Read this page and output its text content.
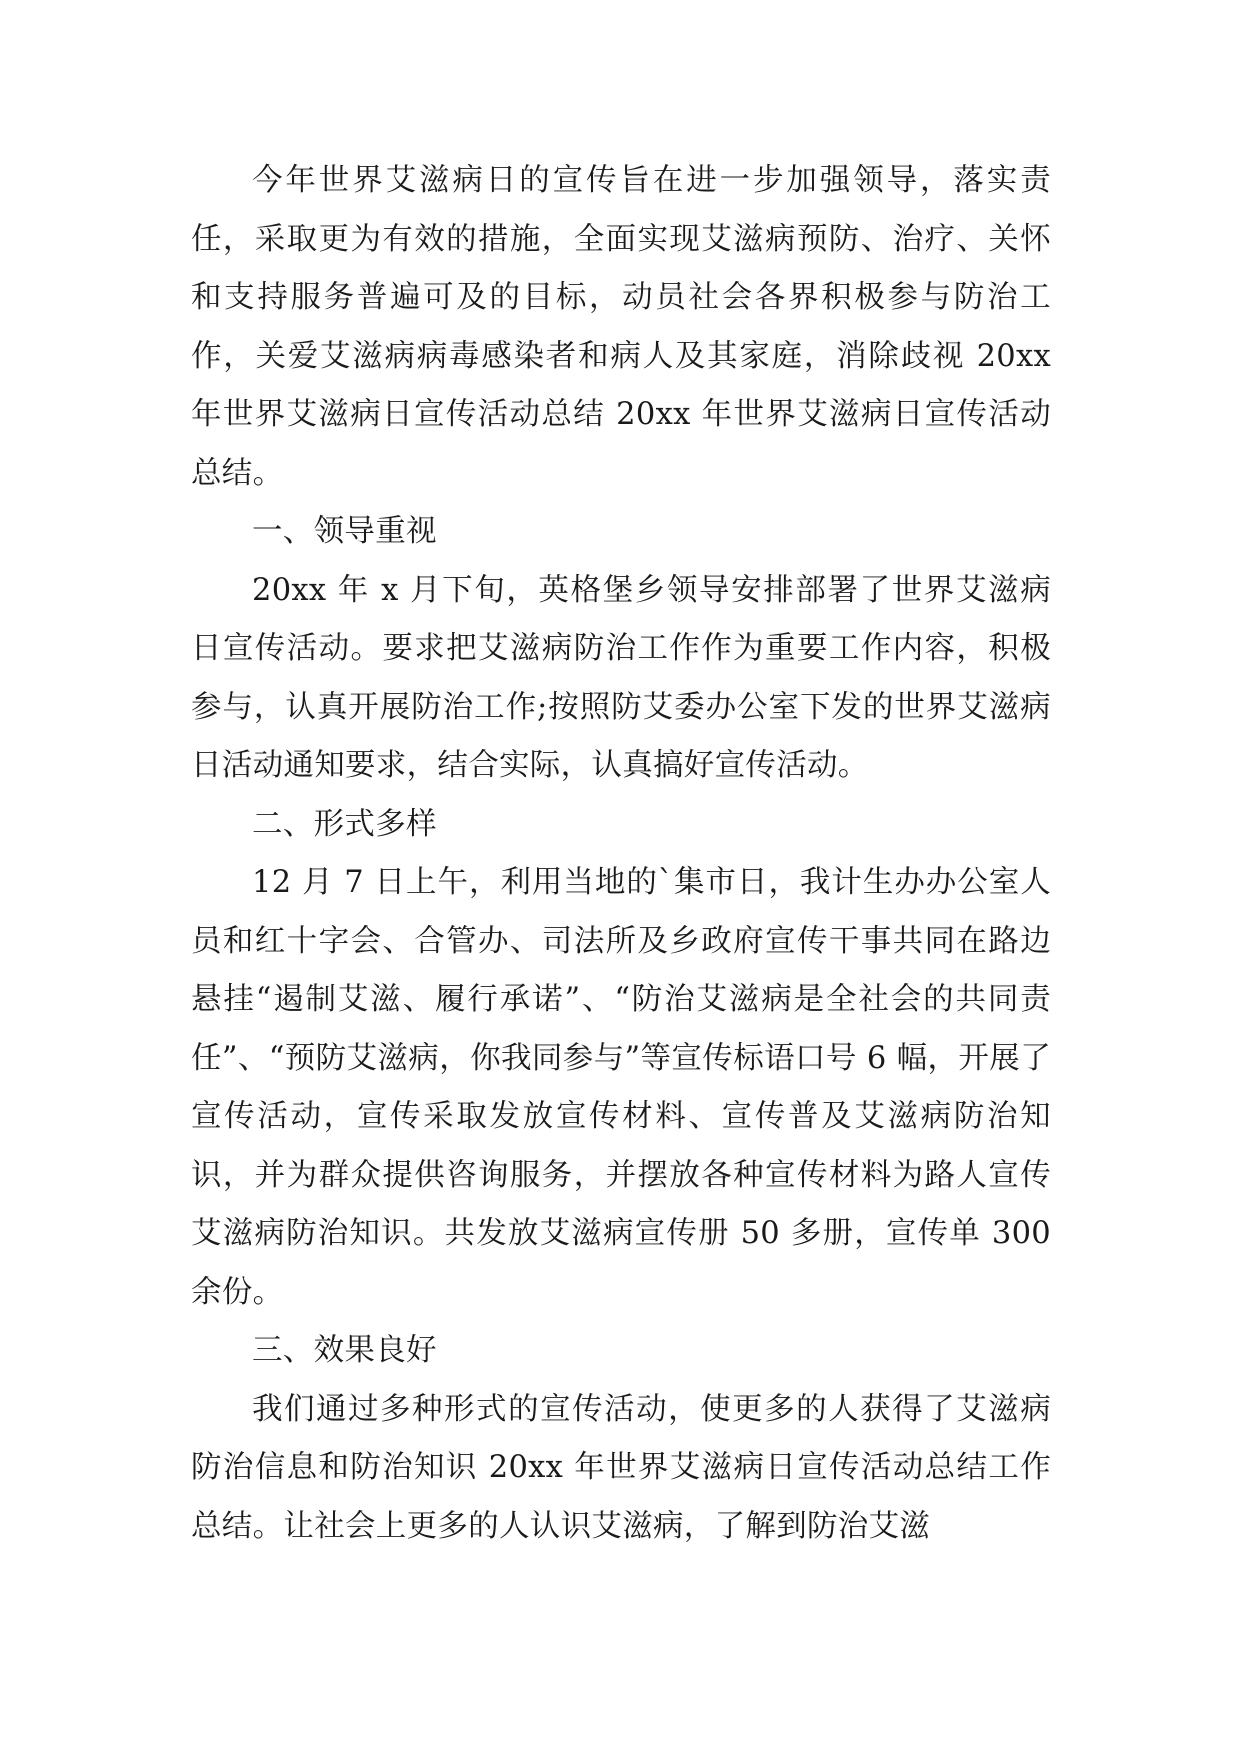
今年世界艾滋病日的宣传旨在进一步加强领导，落实责任，采取更为有效的措施，全面实现艾滋病预防、治疗、关怀和支持服务普遍可及的目标，动员社会各界积极参与防治工作，关爱艾滋病病毒感染者和病人及其家庭，消除歧视 20xx 年世界艾滋病日宣传活动总结 20xx 年世界艾滋病日宣传活动总结。

一、领导重视

20xx 年 x 月下旬，英格堡乡领导安排部署了世界艾滋病日宣传活动。要求把艾滋病防治工作作为重要工作内容，积极参与，认真开展防治工作;按照防艾委办公室下发的世界艾滋病日活动通知要求，结合实际，认真搞好宣传活动。

二、形式多样

12 月 7 日上午，利用当地的`集市日，我计生办办公室人员和红十字会、合管办、司法所及乡政府宣传干事共同在路边悬挂“遏制艾滋、履行承诺”、“防治艾滋病是全社会的共同责任”、“预防艾滋病，你我同参与”等宣传标语口号 6 幅，开展了宣传活动，宣传采取发放宣传材料、宣传普及艾滋病防治知识，并为群众提供咨询服务，并摆放各种宣传材料为路人宣传艾滋病防治知识。共发放艾滋病宣传册 50 多册，宣传单 300 余份。

三、效果良好

我们通过多种形式的宣传活动，使更多的人获得了艾滋病防治信息和防治知识 20xx 年世界艾滋病日宣传活动总结工作总结。让社会上更多的人认识艾滋病，了解到防治艾滋
